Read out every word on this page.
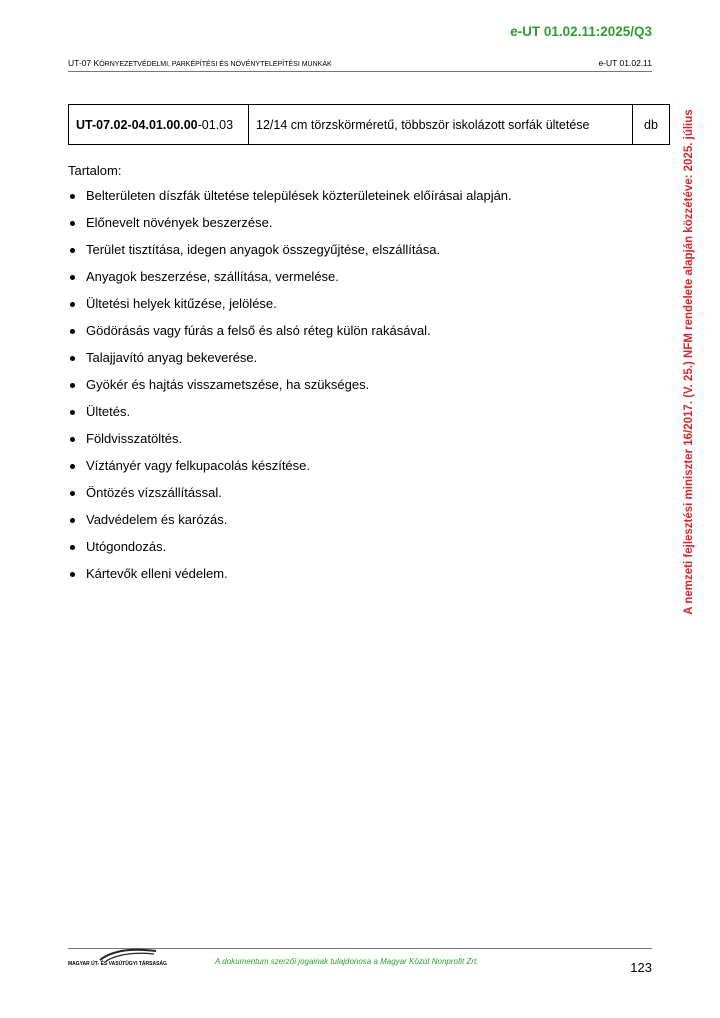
e-UT 01.02.11:2025/Q3
UT-07 KÖRNYEZETVÉDELMI, PARKÉPÍTÉSI ÉS NÖVÉNYTELEPÍTÉSI MUNKÁK	e-UT 01.02.11
UT-07.02-04.01.00.00-01.03	12/14 cm törzskörméretű, többször iskolázott sorfák ültetése	db
Tartalom:
Belterületen díszfák ültetése települések közterületeinek előírásai alapján.
Előnevelt növények beszerzése.
Terület tisztítása, idegen anyagok összegyűjtése, elszállítása.
Anyagok beszerzése, szállítása, vermelése.
Ültetési helyek kitűzése, jelölése.
Gödörásás vagy fúrás a felső és alsó réteg külön rakásával.
Talajjavító anyag bekeverése.
Gyökér és hajtás visszametszése, ha szükséges.
Ültetés.
Földvisszatöltés.
Víztányér vagy felkupacolás készítése.
Öntözés vízszállítással.
Vadvédelem és karózás.
Utógondozás.
Kártevők elleni védelem.	A nemzeti fejlesztési miniszter 16/2017. (V. 25.) NFM rendelete alapján közzétéve: 2025. július
MAGYAR ÚT- ÉS VASÚTÜGYI TÁRSASÁG	A dokumentum szerzői jogainak tulajdonosa a Magyar Közút Nonprofit Zrt.	123
